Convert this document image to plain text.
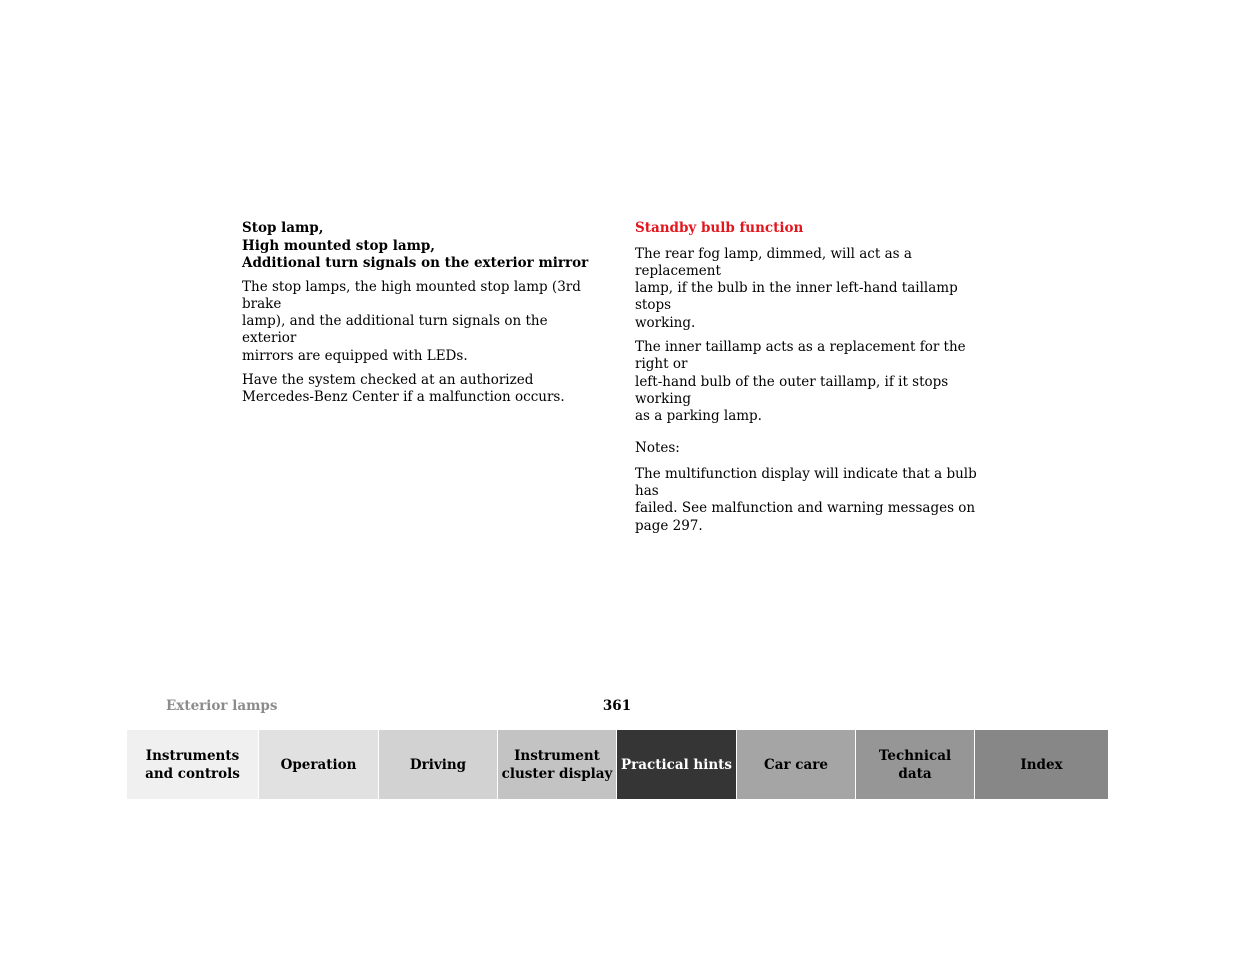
Stop lamp,
High mounted stop lamp,
Additional turn signals on the exterior mirror

The stop lamps, the high mounted stop lamp (3rd brake
lamp), and the additional turn signals on the exterior
mirrors are equipped with LEDs.

Have the system checked at an authorized
Mercedes-Benz Center if a malfunction occurs.

Standby bulb function

The rear fog lamp, dimmed, will act as a replacement
lamp, if the bulb in the inner left-hand taillamp stops
working.

The inner taillamp acts as a replacement for the right or
left-hand bulb of the outer taillamp, if it stops working
as a parking lamp.

Notes:

The multifunction display will indicate that a bulb has
failed. See malfunction and warning messages on
page 297.

Exterior lamps	361
Instruments
and controls
Operation	Driving
Instrument
cluster display
Practical hints	Car care
Technical
data
Index
